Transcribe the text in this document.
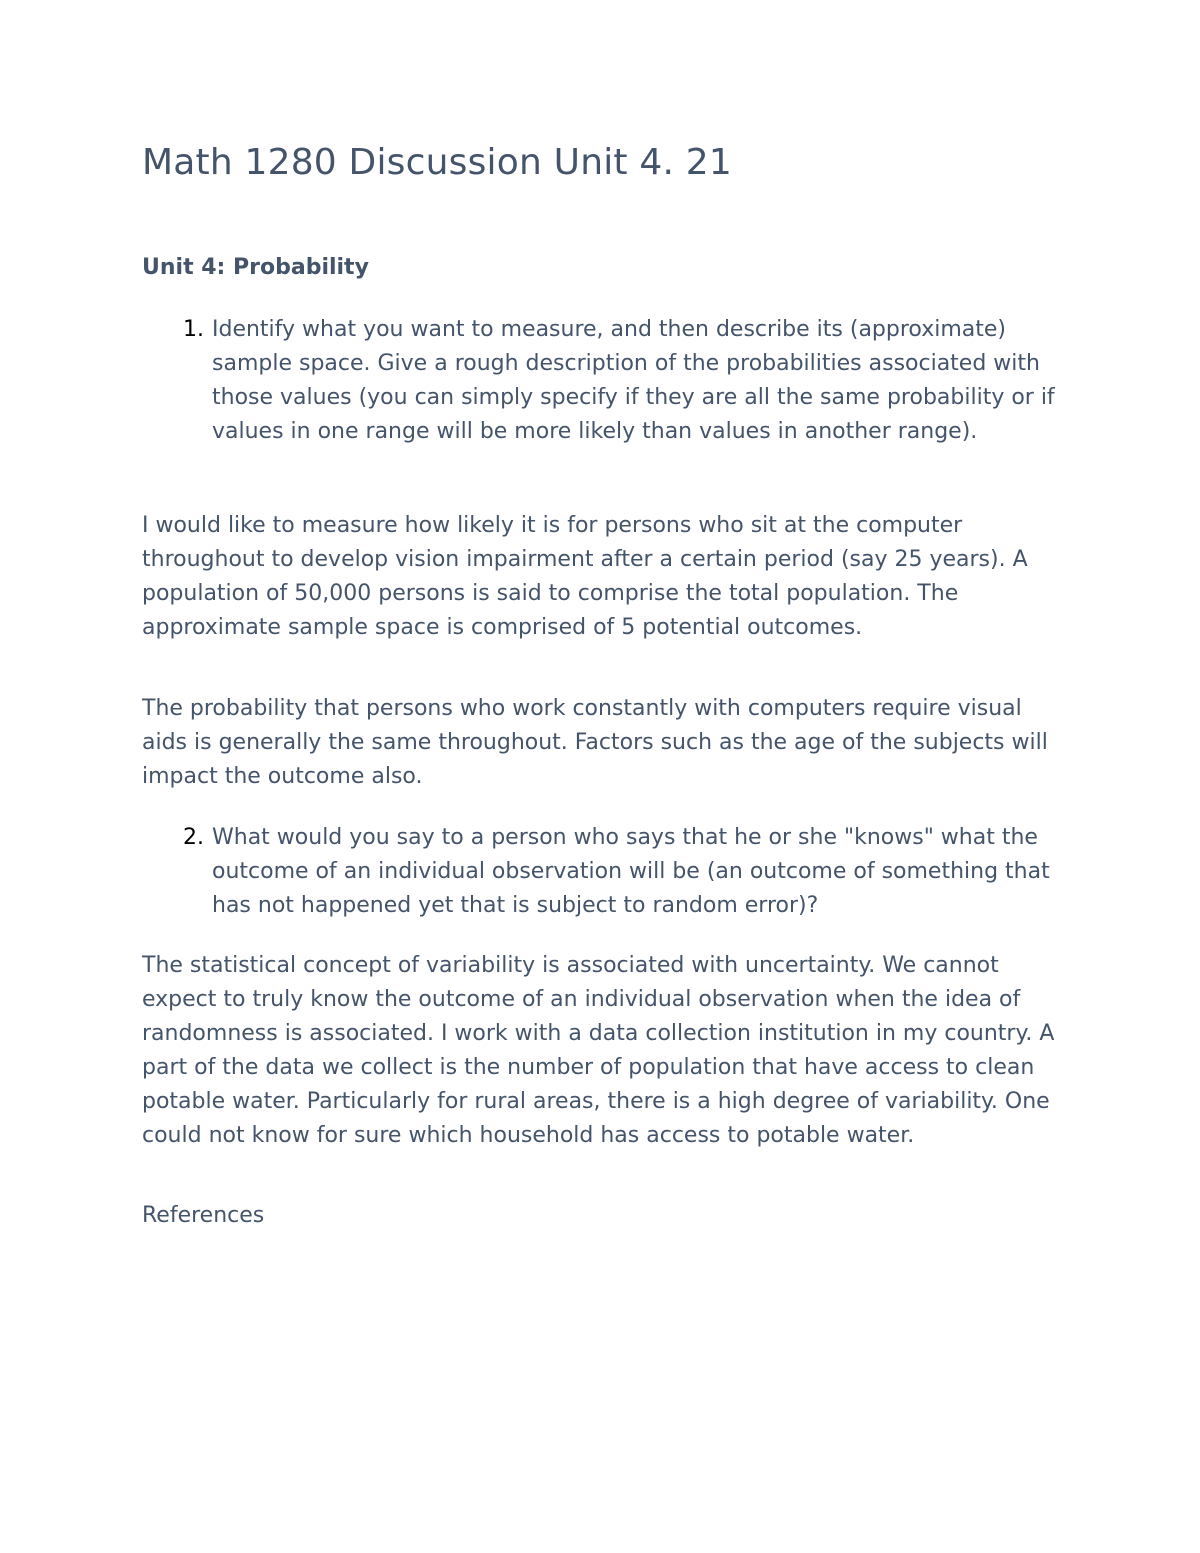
Math 1280 Discussion Unit 4. 21
Unit 4: Probability
1. Identify what you want to measure, and then describe its (approximate) sample space. Give a rough description of the probabilities associated with those values (you can simply specify if they are all the same probability or if values in one range will be more likely than values in another range).

I would like to measure how likely it is for persons who sit at the computer throughout to develop vision impairment after a certain period (say 25 years). A population of 50,000 persons is said to comprise the total population. The approximate sample space is comprised of 5 potential outcomes.

The probability that persons who work constantly with computers require visual aids is generally the same throughout. Factors such as the age of the subjects will impact the outcome also.

2. What would you say to a person who says that he or she "knows" what the outcome of an individual observation will be (an outcome of something that has not happened yet that is subject to random error)?

The statistical concept of variability is associated with uncertainty. We cannot expect to truly know the outcome of an individual observation when the idea of randomness is associated. I work with a data collection institution in my country. A part of the data we collect is the number of population that have access to clean potable water. Particularly for rural areas, there is a high degree of variability. One could not know for sure which household has access to potable water.

References
